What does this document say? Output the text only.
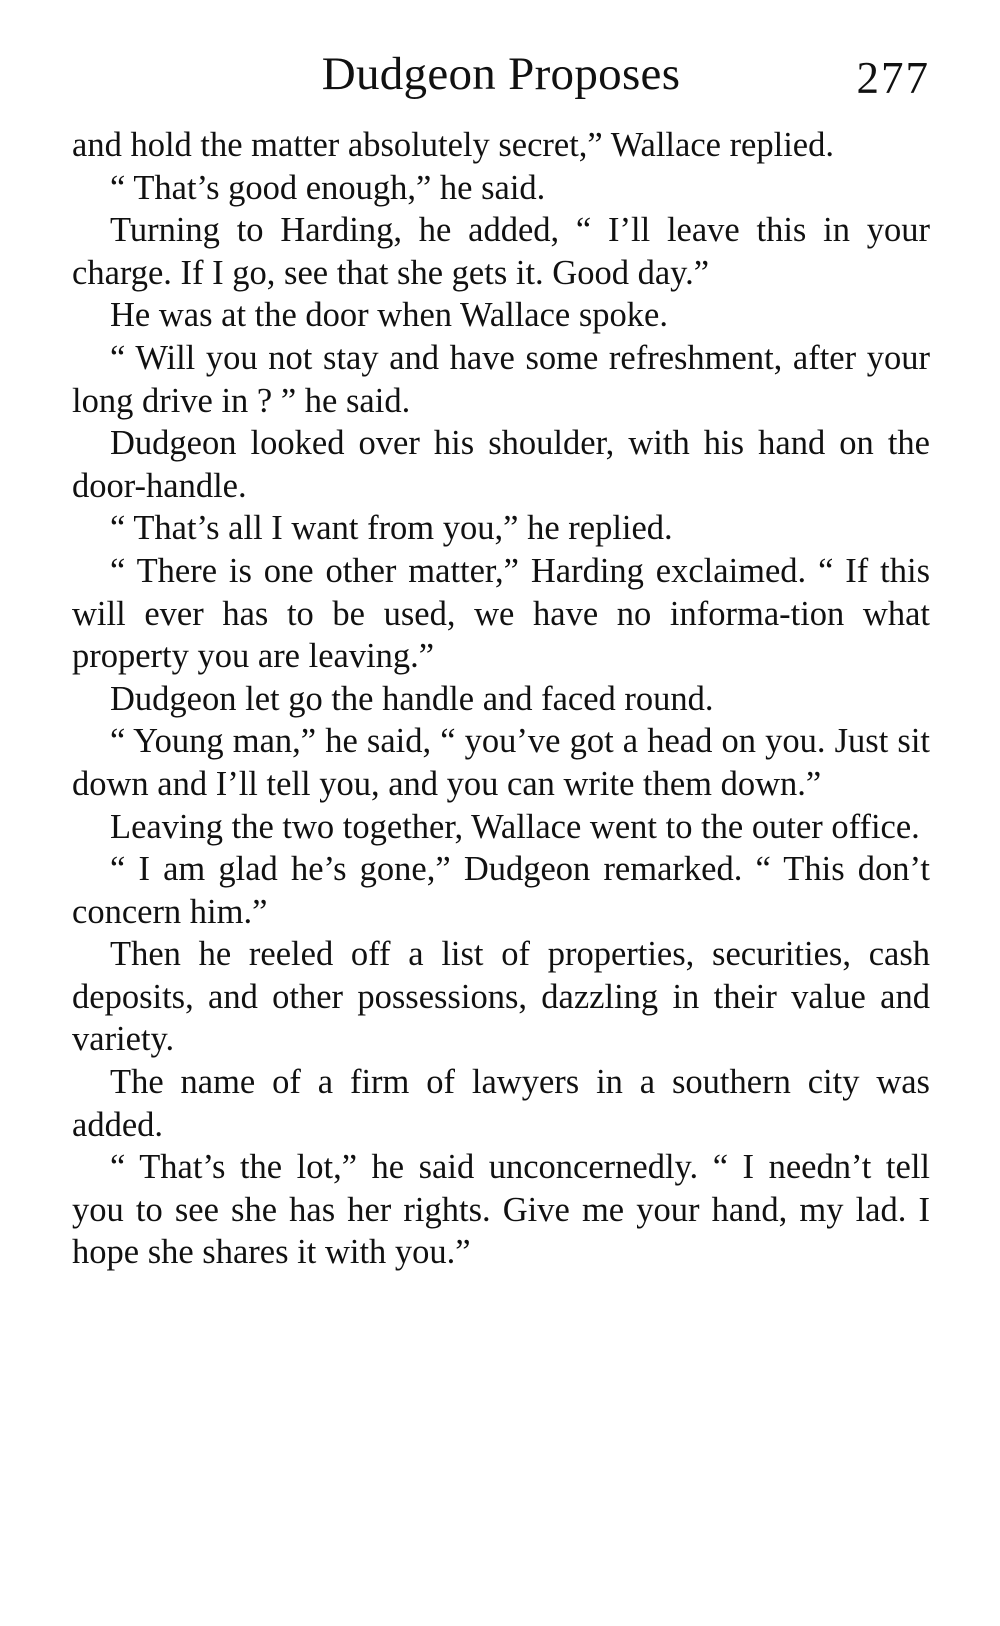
Dudgeon Proposes	277

and hold the matter absolutely secret,” Wallace replied.

“ That’s good enough,” he said.

Turning to Harding, he added, “ I’ll leave this in your charge. If I go, see that she gets it. Good day.”

He was at the door when Wallace spoke.

“ Will you not stay and have some refreshment, after your long drive in ? ” he said.

Dudgeon looked over his shoulder, with his hand on the door-handle.

“ That’s all I want from you,” he replied.

“ There is one other matter,” Harding exclaimed. “ If this will ever has to be used, we have no informa-tion what property you are leaving.”

Dudgeon let go the handle and faced round.

“ Young man,” he said, “ you’ve got a head on you. Just sit down and I’ll tell you, and you can write them down.”

Leaving the two together, Wallace went to the outer office.

“ I am glad he’s gone,” Dudgeon remarked. “ This don’t concern him.”

Then he reeled off a list of properties, securities, cash deposits, and other possessions, dazzling in their value and variety.

The name of a firm of lawyers in a southern city was added.

“ That’s the lot,” he said unconcernedly. “ I needn’t tell you to see she has her rights. Give me your hand, my lad. I hope she shares it with you.”
